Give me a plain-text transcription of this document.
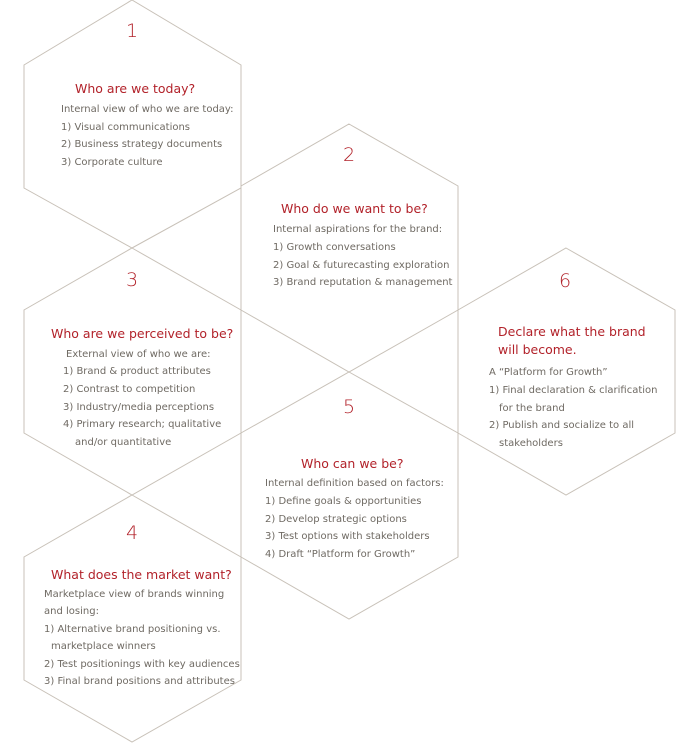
1
Who are we today?
Internal view of who we are today:
1) Visual communications
2) Business strategy documents
3) Corporate culture	2
Who do we want to be?
Internal aspirations for the brand:
1) Growth conversations
2) Goal & futurecasting exploration
3) Brand reputation & management
3
Who are we perceived to be?
External view of who we are:
1) Brand & product attributes
2) Contrast to competition
3) Industry/media perceptions
4) Primary research; qualitative
and/or quantitative
4
What does the market want?
Marketplace view of brands winning
and losing:
1) Alternative brand positioning vs.
marketplace winners
2) Test positionings with key audiences
3) Final brand positions and attributes
5
Who can we be?
Internal definition based on factors:
1) Define goals & opportunities
2) Develop strategic options
3) Test options with stakeholders
4) Draft “Platform for Growth”
6
Declare what the brand
will become.
A “Platform for Growth”
1) Final declaration & clarification
for the brand
2) Publish and socialize to all
stakeholders
